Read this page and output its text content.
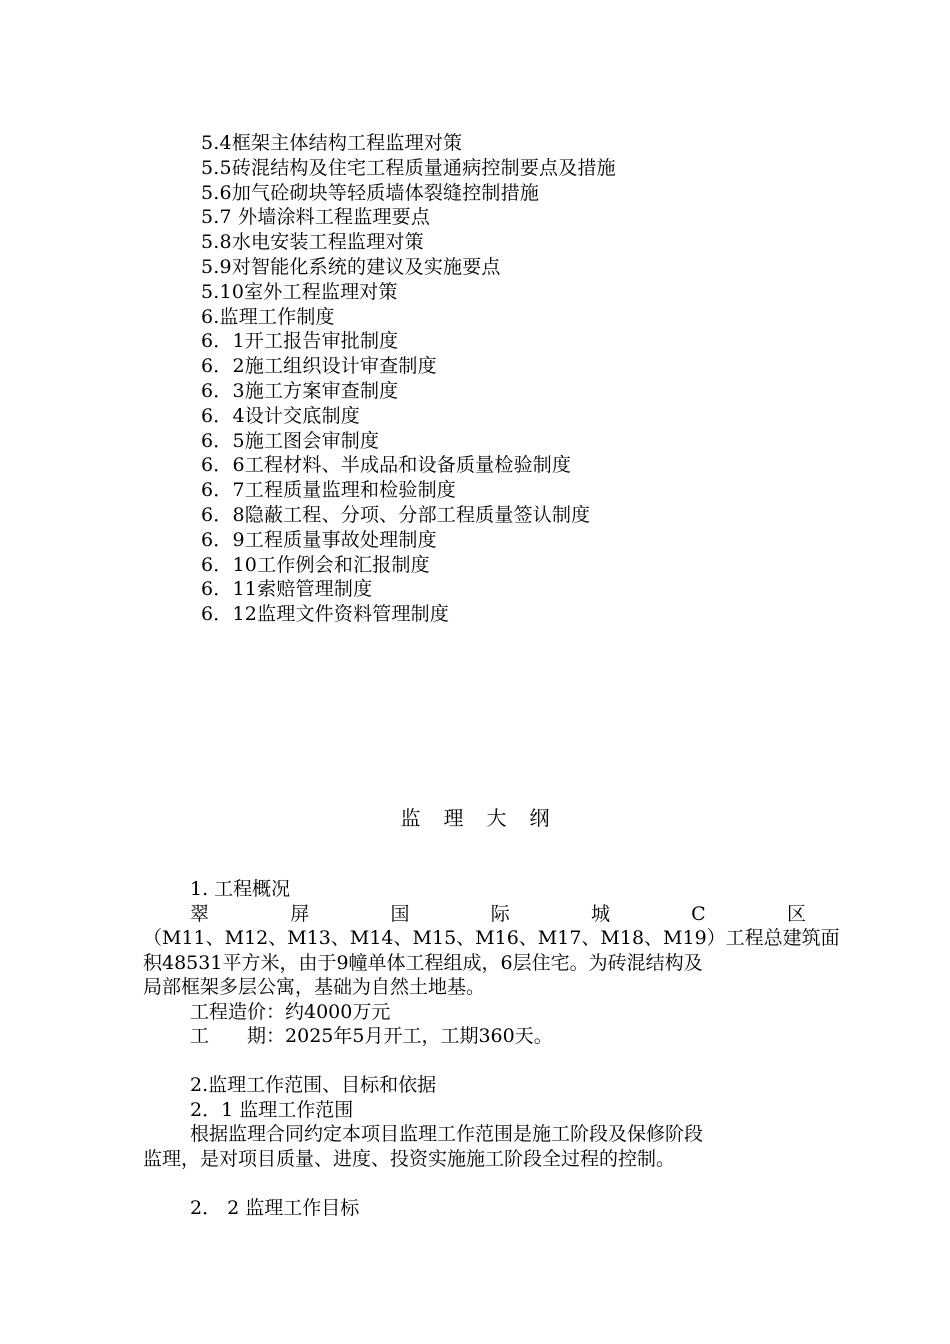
5.4框架主体结构工程监理对策
5.5砖混结构及住宅工程质量通病控制要点及措施
5.6加气砼砌块等轻质墙体裂缝控制措施
5.7 外墙涂料工程监理要点
5.8水电安装工程监理对策
5.9对智能化系统的建议及实施要点
5.10室外工程监理对策
6.监理工作制度
6．1开工报告审批制度
6．2施工组织设计审查制度
6．3施工方案审查制度
6．4设计交底制度
6．5施工图会审制度
6．6工程材料、半成品和设备质量检验制度
6．7工程质量监理和检验制度
6．8隐蔽工程、分项、分部工程质量签认制度
6．9工程质量事故处理制度
6．10工作例会和汇报制度
6．11索赔管理制度
6．12监理文件资料管理制度
监理大纲
1. 工程概况
翠	屏	国	际	城	C	区
（M11、M12、M13、M14、M15、M16、M17、M18、M19）工程总建筑面
积48531平方米，由于9幢单体工程组成，6层住宅。为砖混结构及
局部框架多层公寓，基础为自然土地基。
工程造价：约4000万元
工　　期：2025年5月开工，工期360天。
2.监理工作范围、目标和依据
2．1 监理工作范围
根据监理合同约定本项目监理工作范围是施工阶段及保修阶段
监理，是对项目质量、进度、投资实施施工阶段全过程的控制。
2． 2 监理工作目标
